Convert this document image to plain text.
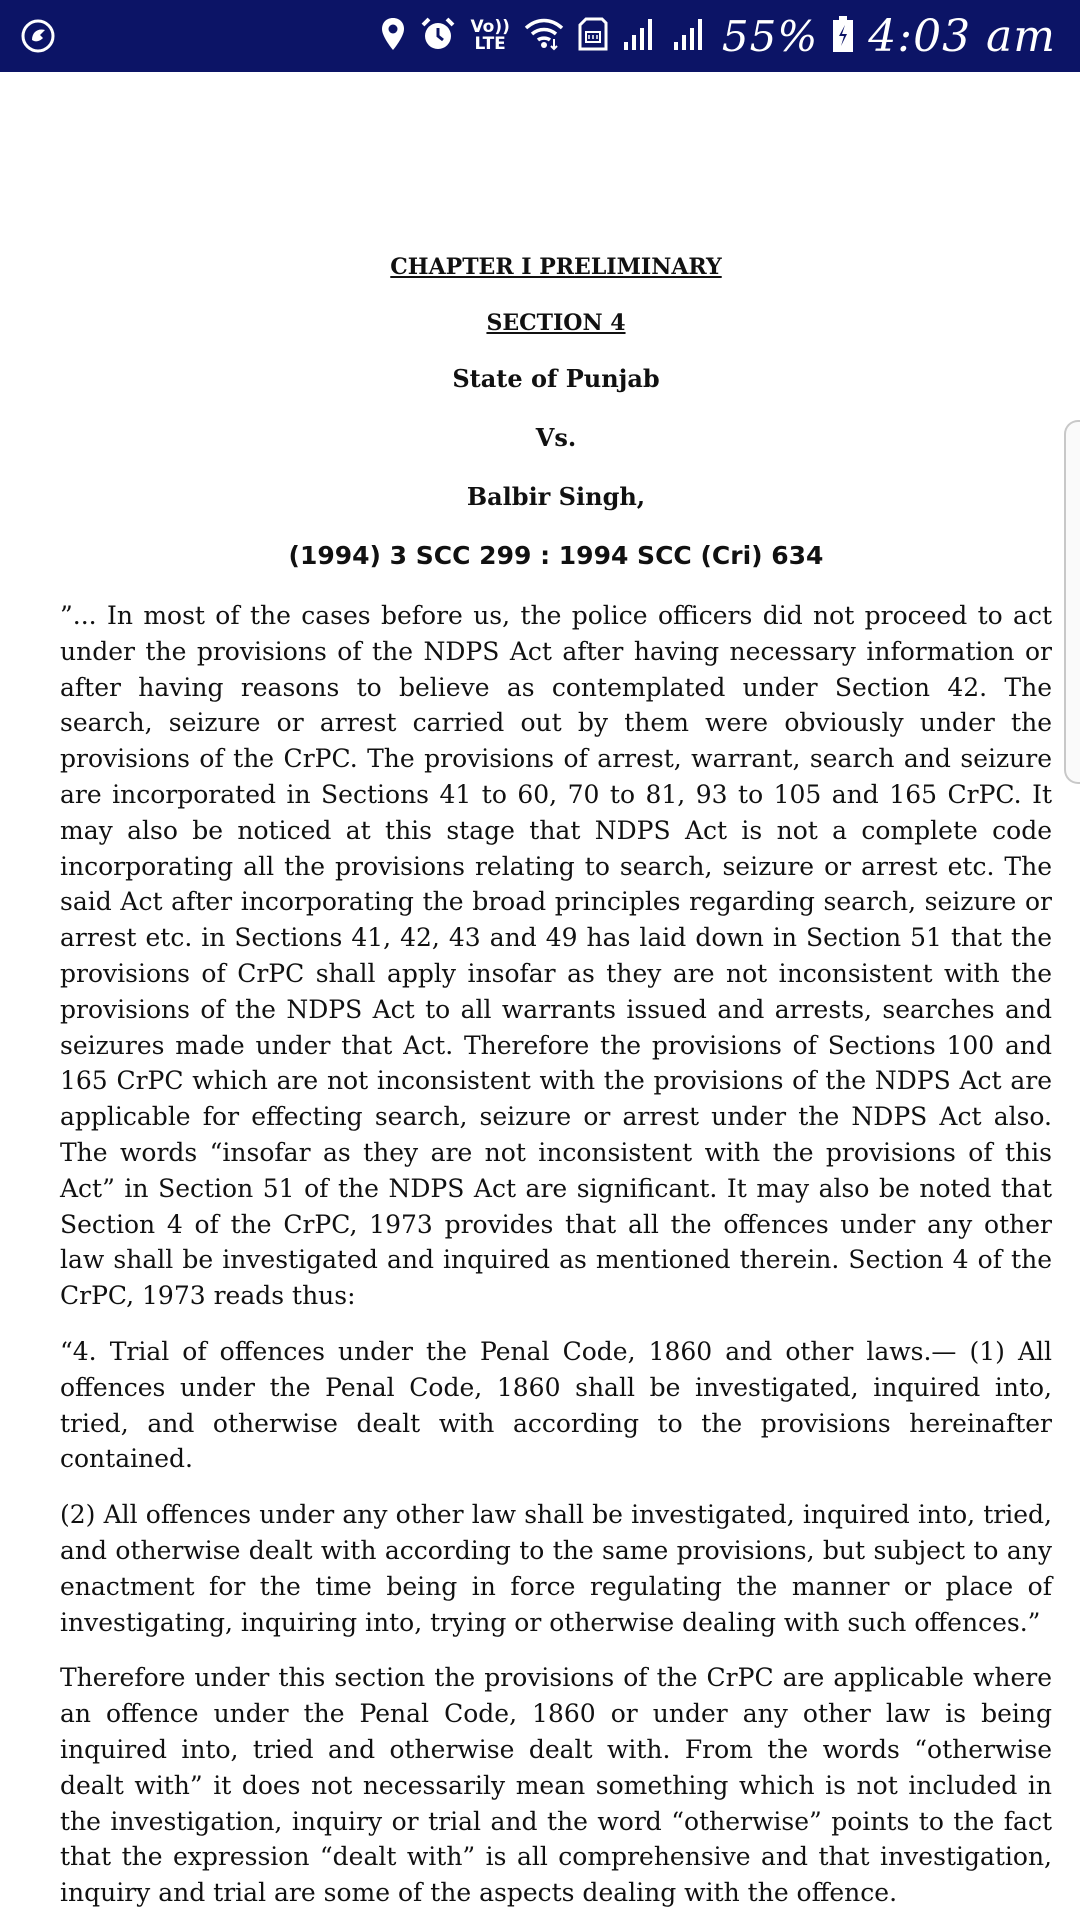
Vo))
LTE	55% 4:03 am

CHAPTER I PRELIMINARY

SECTION 4

State of Punjab

Vs.

Balbir Singh,

(1994) 3 SCC 299 : 1994 SCC (Cri) 634

”... In most of the cases before us, the police officers did not proceed to act under the provisions of the NDPS Act after having necessary information or after having reasons to believe as contemplated under Section 42. The search, seizure or arrest carried out by them were obviously under the provisions of the CrPC. The provisions of arrest, warrant, search and seizure are incorporated in Sections 41 to 60, 70 to 81, 93 to 105 and 165 CrPC. It may also be noticed at this stage that NDPS Act is not a complete code incorporating all the provisions relating to search, seizure or arrest etc. The said Act after incorporating the broad principles regarding search, seizure or arrest etc. in Sections 41, 42, 43 and 49 has laid down in Section 51 that the provisions of CrPC shall apply insofar as they are not inconsistent with the provisions of the NDPS Act to all warrants issued and arrests, searches and seizures made under that Act. Therefore the provisions of Sections 100 and 165 CrPC which are not inconsistent with the provisions of the NDPS Act are applicable for effecting search, seizure or arrest under the NDPS Act also. The words “insofar as they are not inconsistent with the provisions of this Act” in Section 51 of the NDPS Act are significant. It may also be noted that Section 4 of the CrPC, 1973 provides that all the offences under any other law shall be investigated and inquired as mentioned therein. Section 4 of the CrPC, 1973 reads thus:

“4. Trial of offences under the Penal Code, 1860 and other laws.— (1) All offences under the Penal Code, 1860 shall be investigated, inquired into, tried, and otherwise dealt with according to the provisions hereinafter contained.

(2) All offences under any other law shall be investigated, inquired into, tried, and otherwise dealt with according to the same provisions, but subject to any enactment for the time being in force regulating the manner or place of investigating, inquiring into, trying or otherwise dealing with such offences.”

Therefore under this section the provisions of the CrPC are applicable where an offence under the Penal Code, 1860 or under any other law is being inquired into, tried and otherwise dealt with. From the words “otherwise dealt with” it does not necessarily mean something which is not included in the investigation, inquiry or trial and the word “otherwise” points to the fact that the expression “dealt with” is all comprehensive and that investigation, inquiry and trial are some of the aspects dealing with the offence.
